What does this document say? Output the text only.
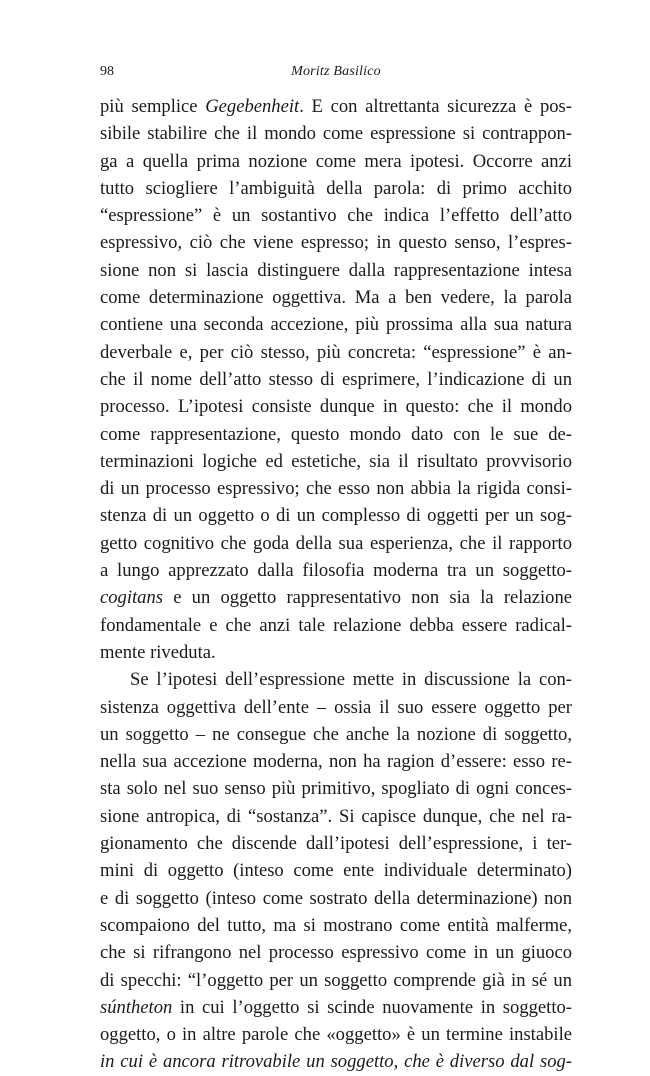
98	Moritz Basilico
più semplice Gegebenheit. E con altrettanta sicurezza è pos-
sibile stabilire che il mondo come espressione si contrappon-
ga a quella prima nozione come mera ipotesi. Occorre anzi
tutto sciogliere l’ambiguità della parola: di primo acchito
“espressione” è un sostantivo che indica l’effetto dell’atto
espressivo, ciò che viene espresso; in questo senso, l’espres-
sione non si lascia distinguere dalla rappresentazione intesa
come determinazione oggettiva. Ma a ben vedere, la parola
contiene una seconda accezione, più prossima alla sua natura
deverbale e, per ciò stesso, più concreta: “espressione” è an-
che il nome dell’atto stesso di esprimere, l’indicazione di un
processo. L’ipotesi consiste dunque in questo: che il mondo
come rappresentazione, questo mondo dato con le sue de-
terminazioni logiche ed estetiche, sia il risultato provvisorio
di un processo espressivo; che esso non abbia la rigida consi-
stenza di un oggetto o di un complesso di oggetti per un sog-
getto cognitivo che goda della sua esperienza, che il rapporto
a lungo apprezzato dalla filosofia moderna tra un soggetto-
cogitans e un oggetto rappresentativo non sia la relazione
fondamentale e che anzi tale relazione debba essere radical-
mente riveduta.
Se l’ipotesi dell’espressione mette in discussione la con-
sistenza oggettiva dell’ente – ossia il suo essere oggetto per
un soggetto – ne consegue che anche la nozione di soggetto,
nella sua accezione moderna, non ha ragion d’essere: esso re-
sta solo nel suo senso più primitivo, spogliato di ogni conces-
sione antropica, di “sostanza”. Si capisce dunque, che nel ra-
gionamento che discende dall’ipotesi dell’espressione, i ter-
mini di oggetto (inteso come ente individuale determinato)
e di soggetto (inteso come sostrato della determinazione) non
scompaiono del tutto, ma si mostrano come entità malferme,
che si rifrangono nel processo espressivo come in un giuoco
di specchi: “l’oggetto per un soggetto comprende già in sé un
súntheton in cui l’oggetto si scinde nuovamente in soggetto-
oggetto, o in altre parole che «oggetto» è un termine instabile
in cui è ancora ritrovabile un soggetto, che è diverso dal sog-
